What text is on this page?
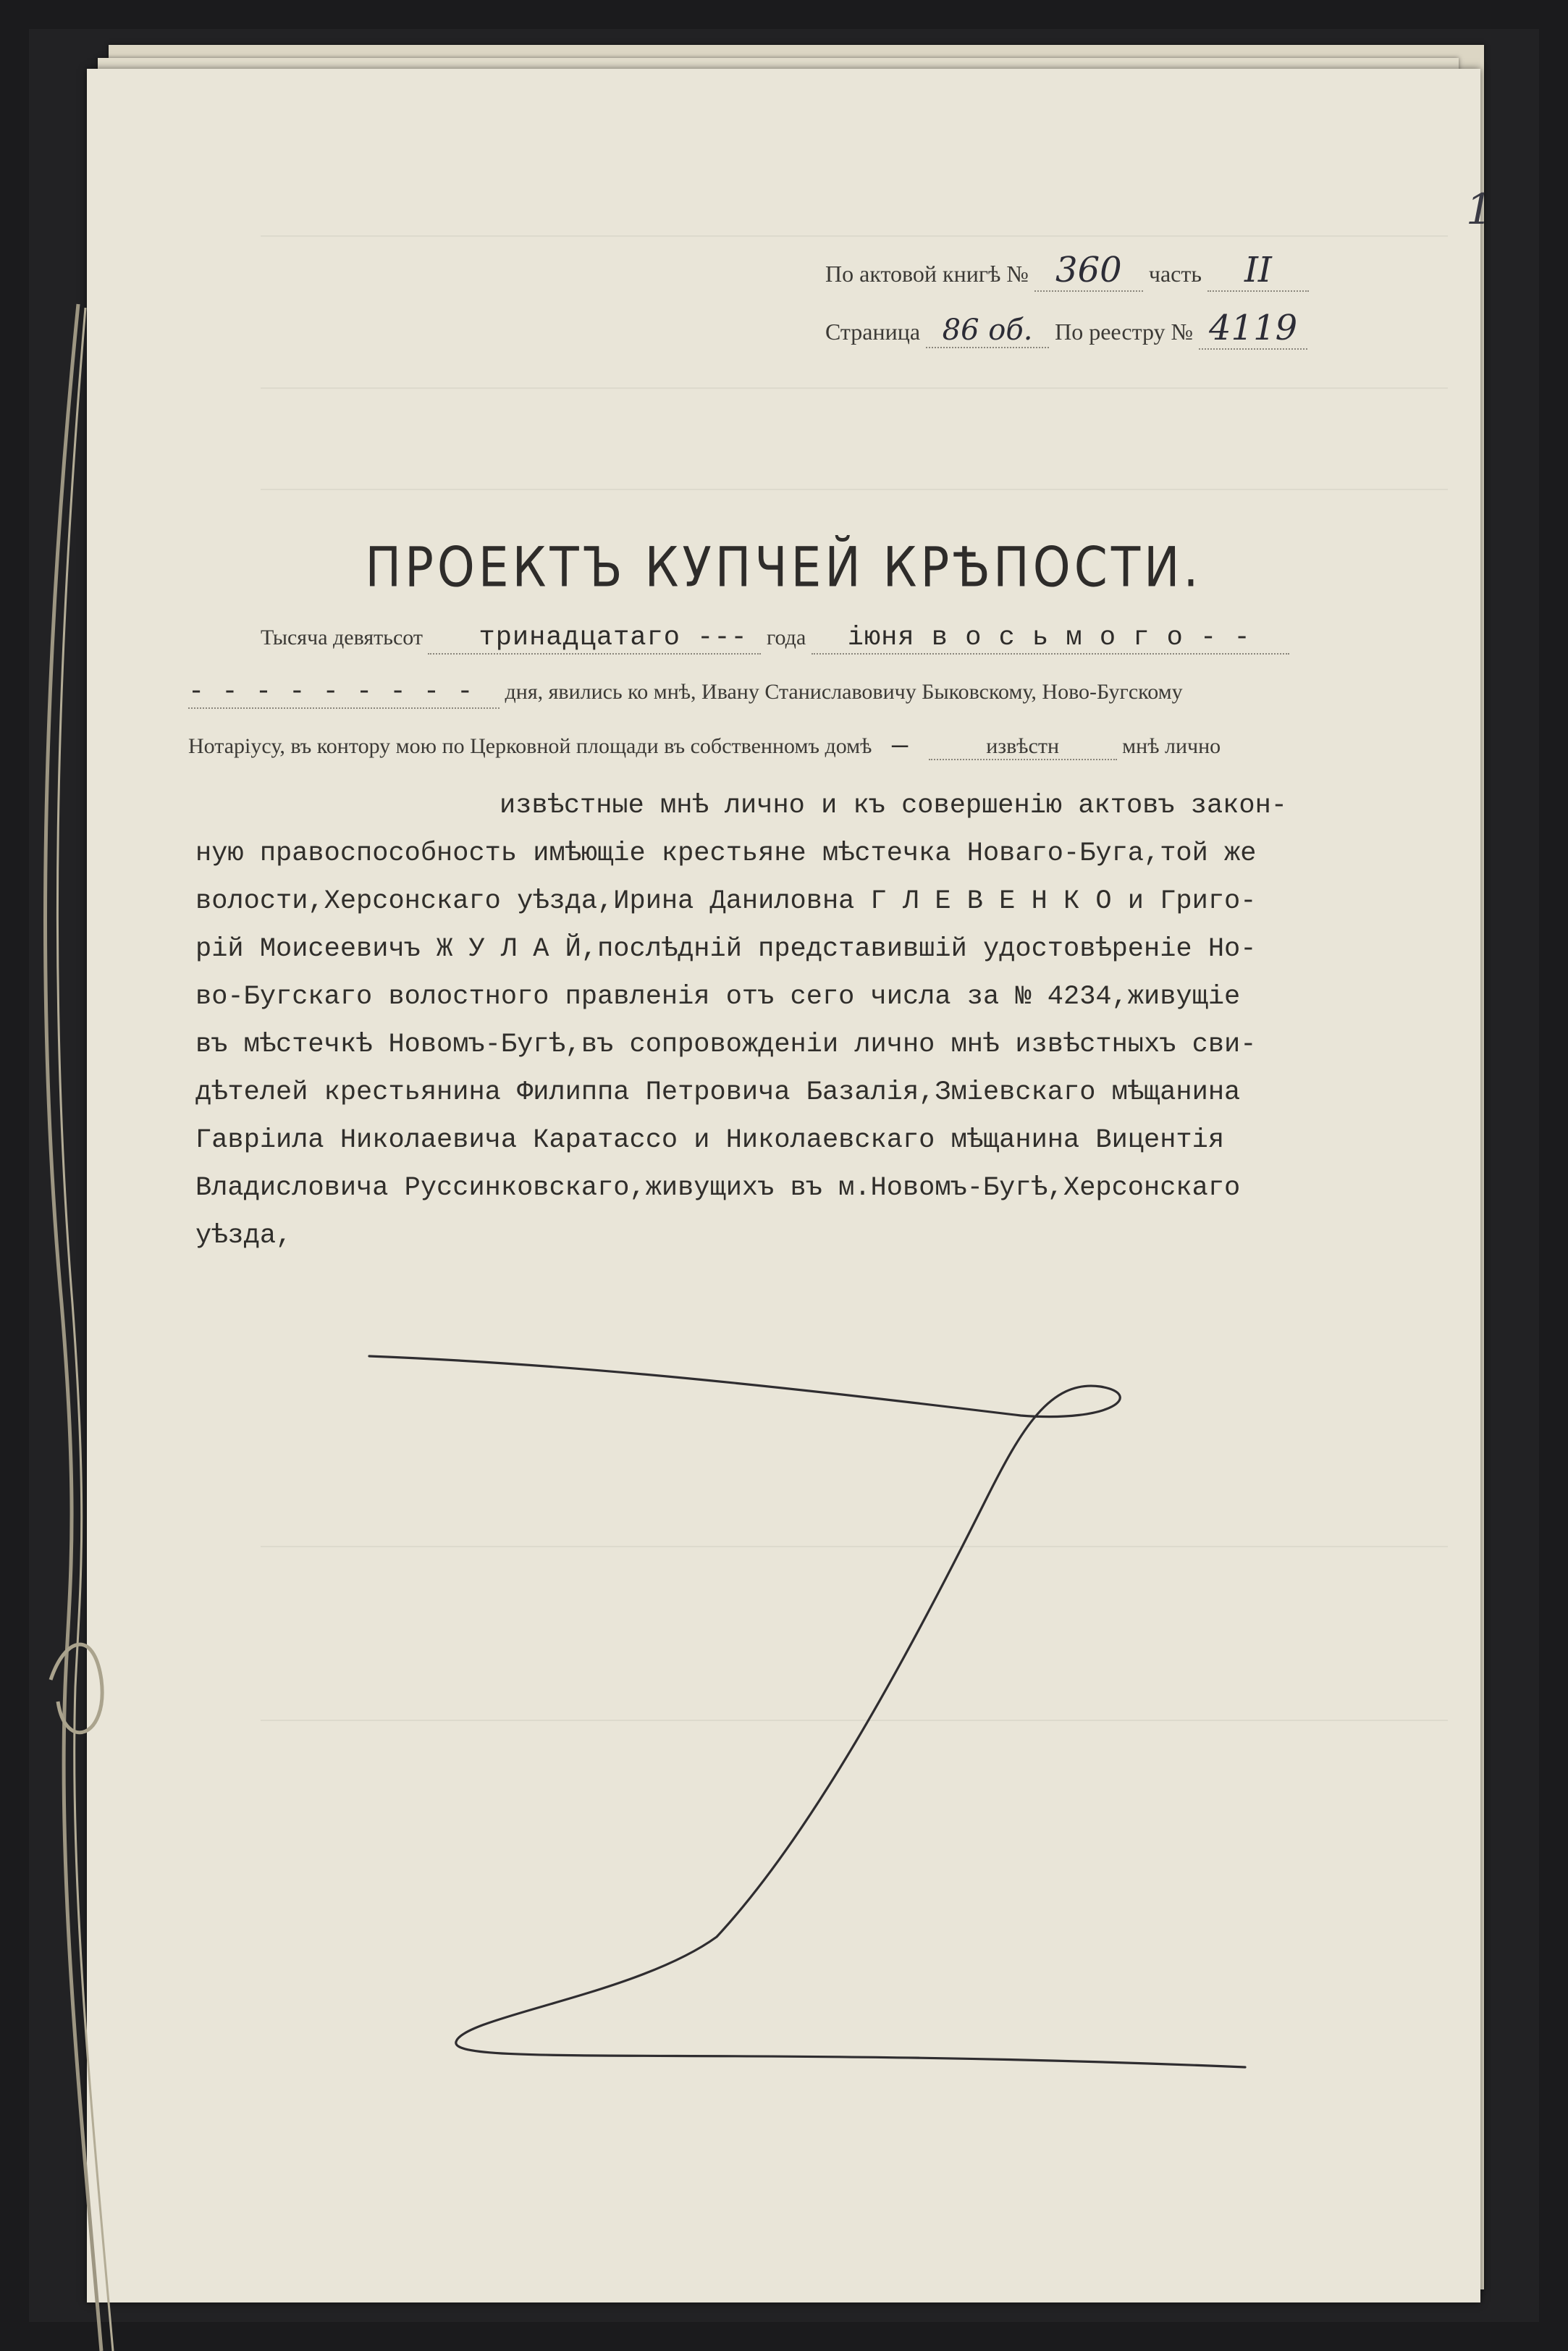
1
По актовой книгѣ № 360 часть II
Страница 86 об. По реестру № 4119
ПРОЕКТЪ КУПЧЕЙ КРѢПОСТИ.
Тысяча девятьсот тринадцатаго --- года iюня в о с ь м о г о - -
- - - - - - - - - дня, явились ко мнѣ, Ивану Станиславовичу Быковскому, Ново-Бугскому
Нотаріусу, въ контору мою по Церковной площади въ собственномъ домѣ —	извѣстн	мнѣ лично
извѣстные мнѣ лично и къ совершенію актовъ закон-
ную правоспособность имѣющіе крестьяне мѣстечка Новаго-Буга,той же
волости,Херсонскаго уѣзда,Ирина Даниловна Г Л Е В Е Н К О и Григо-
рій Моисеевичъ Ж У Л А Й,послѣдній представившій удостовѣреніе Но-
во-Бугскаго волостного правленія отъ сего числа за № 4234,живущіе
въ мѣстечкѣ Новомъ-Бугѣ,въ сопровожденіи лично мнѣ извѣстныхъ сви-
дѣтелей крестьянина Филиппа Петровича Базалія,Змiевскаго мѣщанина
Гавріила Николаевича Каратассо и Николаевскаго мѣщанина Вицентія
Владисловича Руссинковскаго,живущихъ въ м.Новомъ-Бугѣ,Херсонскаго
уѣзда,
